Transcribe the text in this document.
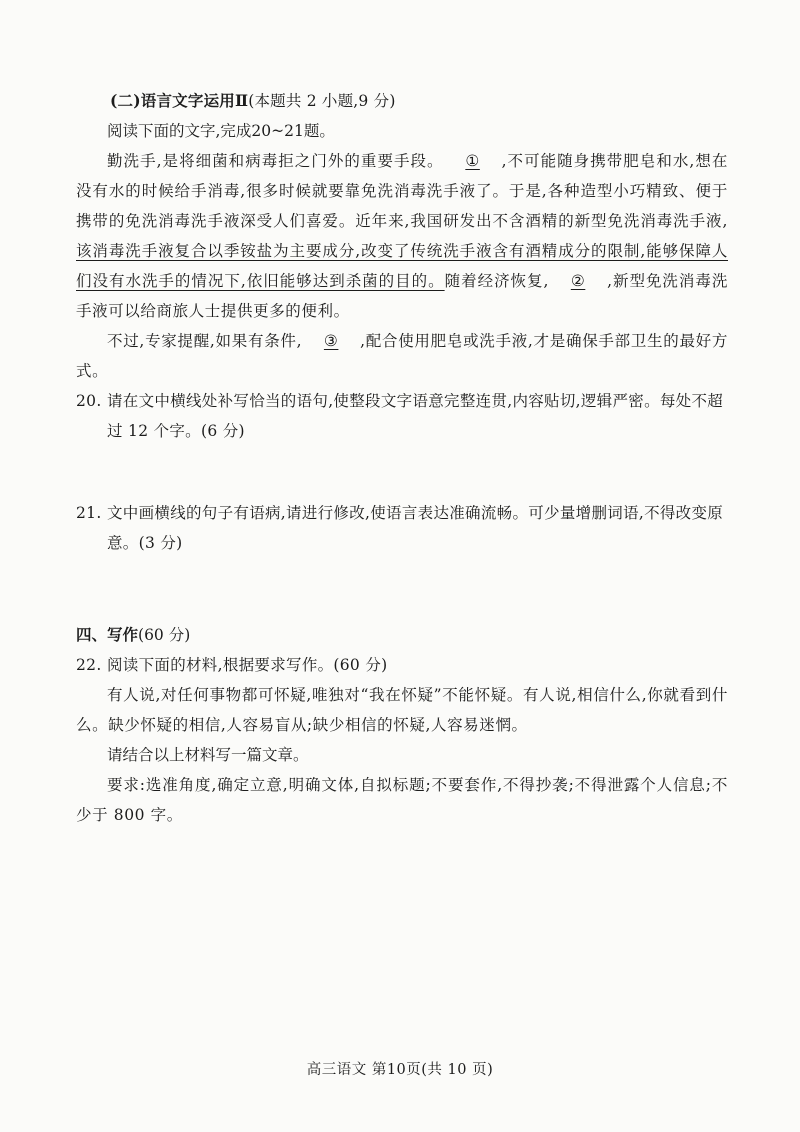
(二)语言文字运用Ⅱ(本题共 2 小题,9 分)

阅读下面的文字,完成20~21题。

勤洗手,是将细菌和病毒拒之门外的重要手段。 ① ,不可能随身携带肥皂和水,想在没有水的时候给手消毒,很多时候就要靠免洗消毒洗手液了。于是,各种造型小巧精致、便于携带的免洗消毒洗手液深受人们喜爱。近年来,我国研发出不含酒精的新型免洗消毒洗手液,该消毒洗手液复合以季铵盐为主要成分,改变了传统洗手液含有酒精成分的限制,能够保障人们没有水洗手的情况下,依旧能够达到杀菌的目的。随着经济恢复, ② ,新型免洗消毒洗手液可以给商旅人士提供更多的便利。

不过,专家提醒,如果有条件, ③ ,配合使用肥皂或洗手液,才是确保手部卫生的最好方式。

20. 请在文中横线处补写恰当的语句,使整段文字语意完整连贯,内容贴切,逻辑严密。每处不超过 12 个字。(6 分)

21. 文中画横线的句子有语病,请进行修改,使语言表达准确流畅。可少量增删词语,不得改变原意。(3 分)

四、写作(60 分)

22. 阅读下面的材料,根据要求写作。(60 分)

有人说,对任何事物都可怀疑,唯独对“我在怀疑”不能怀疑。有人说,相信什么,你就看到什么。缺少怀疑的相信,人容易盲从;缺少相信的怀疑,人容易迷惘。

请结合以上材料写一篇文章。

要求:选准角度,确定立意,明确文体,自拟标题;不要套作,不得抄袭;不得泄露个人信息;不少于 800 字。

高三语文 第10页(共 10 页)
